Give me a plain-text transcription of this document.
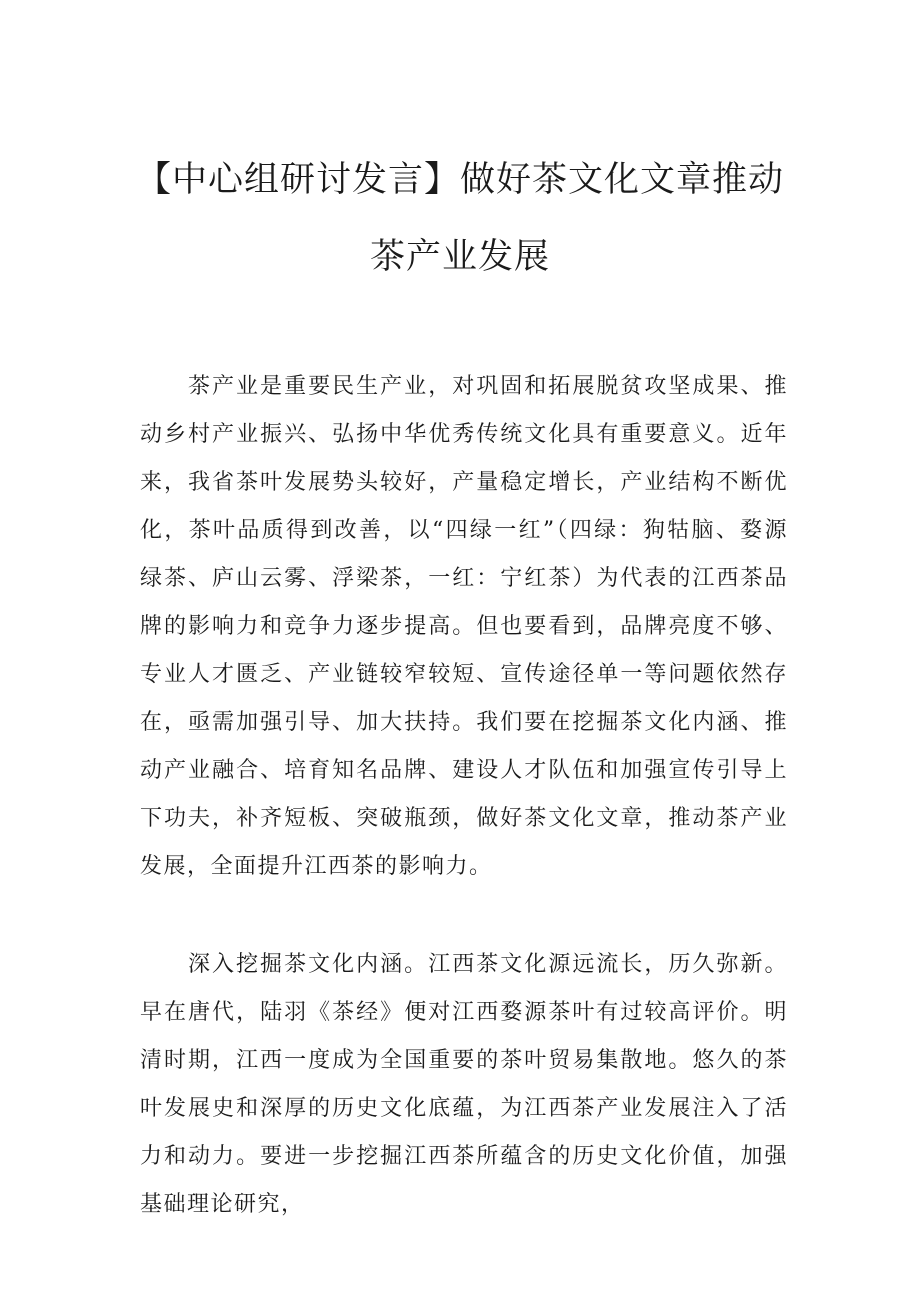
【中心组研讨发言】做好茶文化文章推动
茶产业发展

茶产业是重要民生产业，对巩固和拓展脱贫攻坚成果、推动乡村产业振兴、弘扬中华优秀传统文化具有重要意义。近年来，我省茶叶发展势头较好，产量稳定增长，产业结构不断优化，茶叶品质得到改善，以“四绿一红”（四绿：狗牯脑、婺源绿茶、庐山云雾、浮梁茶，一红：宁红茶）为代表的江西茶品牌的影响力和竞争力逐步提高。但也要看到，品牌亮度不够、专业人才匮乏、产业链较窄较短、宣传途径单一等问题依然存在，亟需加强引导、加大扶持。我们要在挖掘茶文化内涵、推动产业融合、培育知名品牌、建设人才队伍和加强宣传引导上下功夫，补齐短板、突破瓶颈，做好茶文化文章，推动茶产业发展，全面提升江西茶的影响力。

深入挖掘茶文化内涵。江西茶文化源远流长，历久弥新。早在唐代，陆羽《茶经》便对江西婺源茶叶有过较高评价。明清时期，江西一度成为全国重要的茶叶贸易集散地。悠久的茶叶发展史和深厚的历史文化底蕴，为江西茶产业发展注入了活力和动力。要进一步挖掘江西茶所蕴含的历史文化价值，加强基础理论研究，
